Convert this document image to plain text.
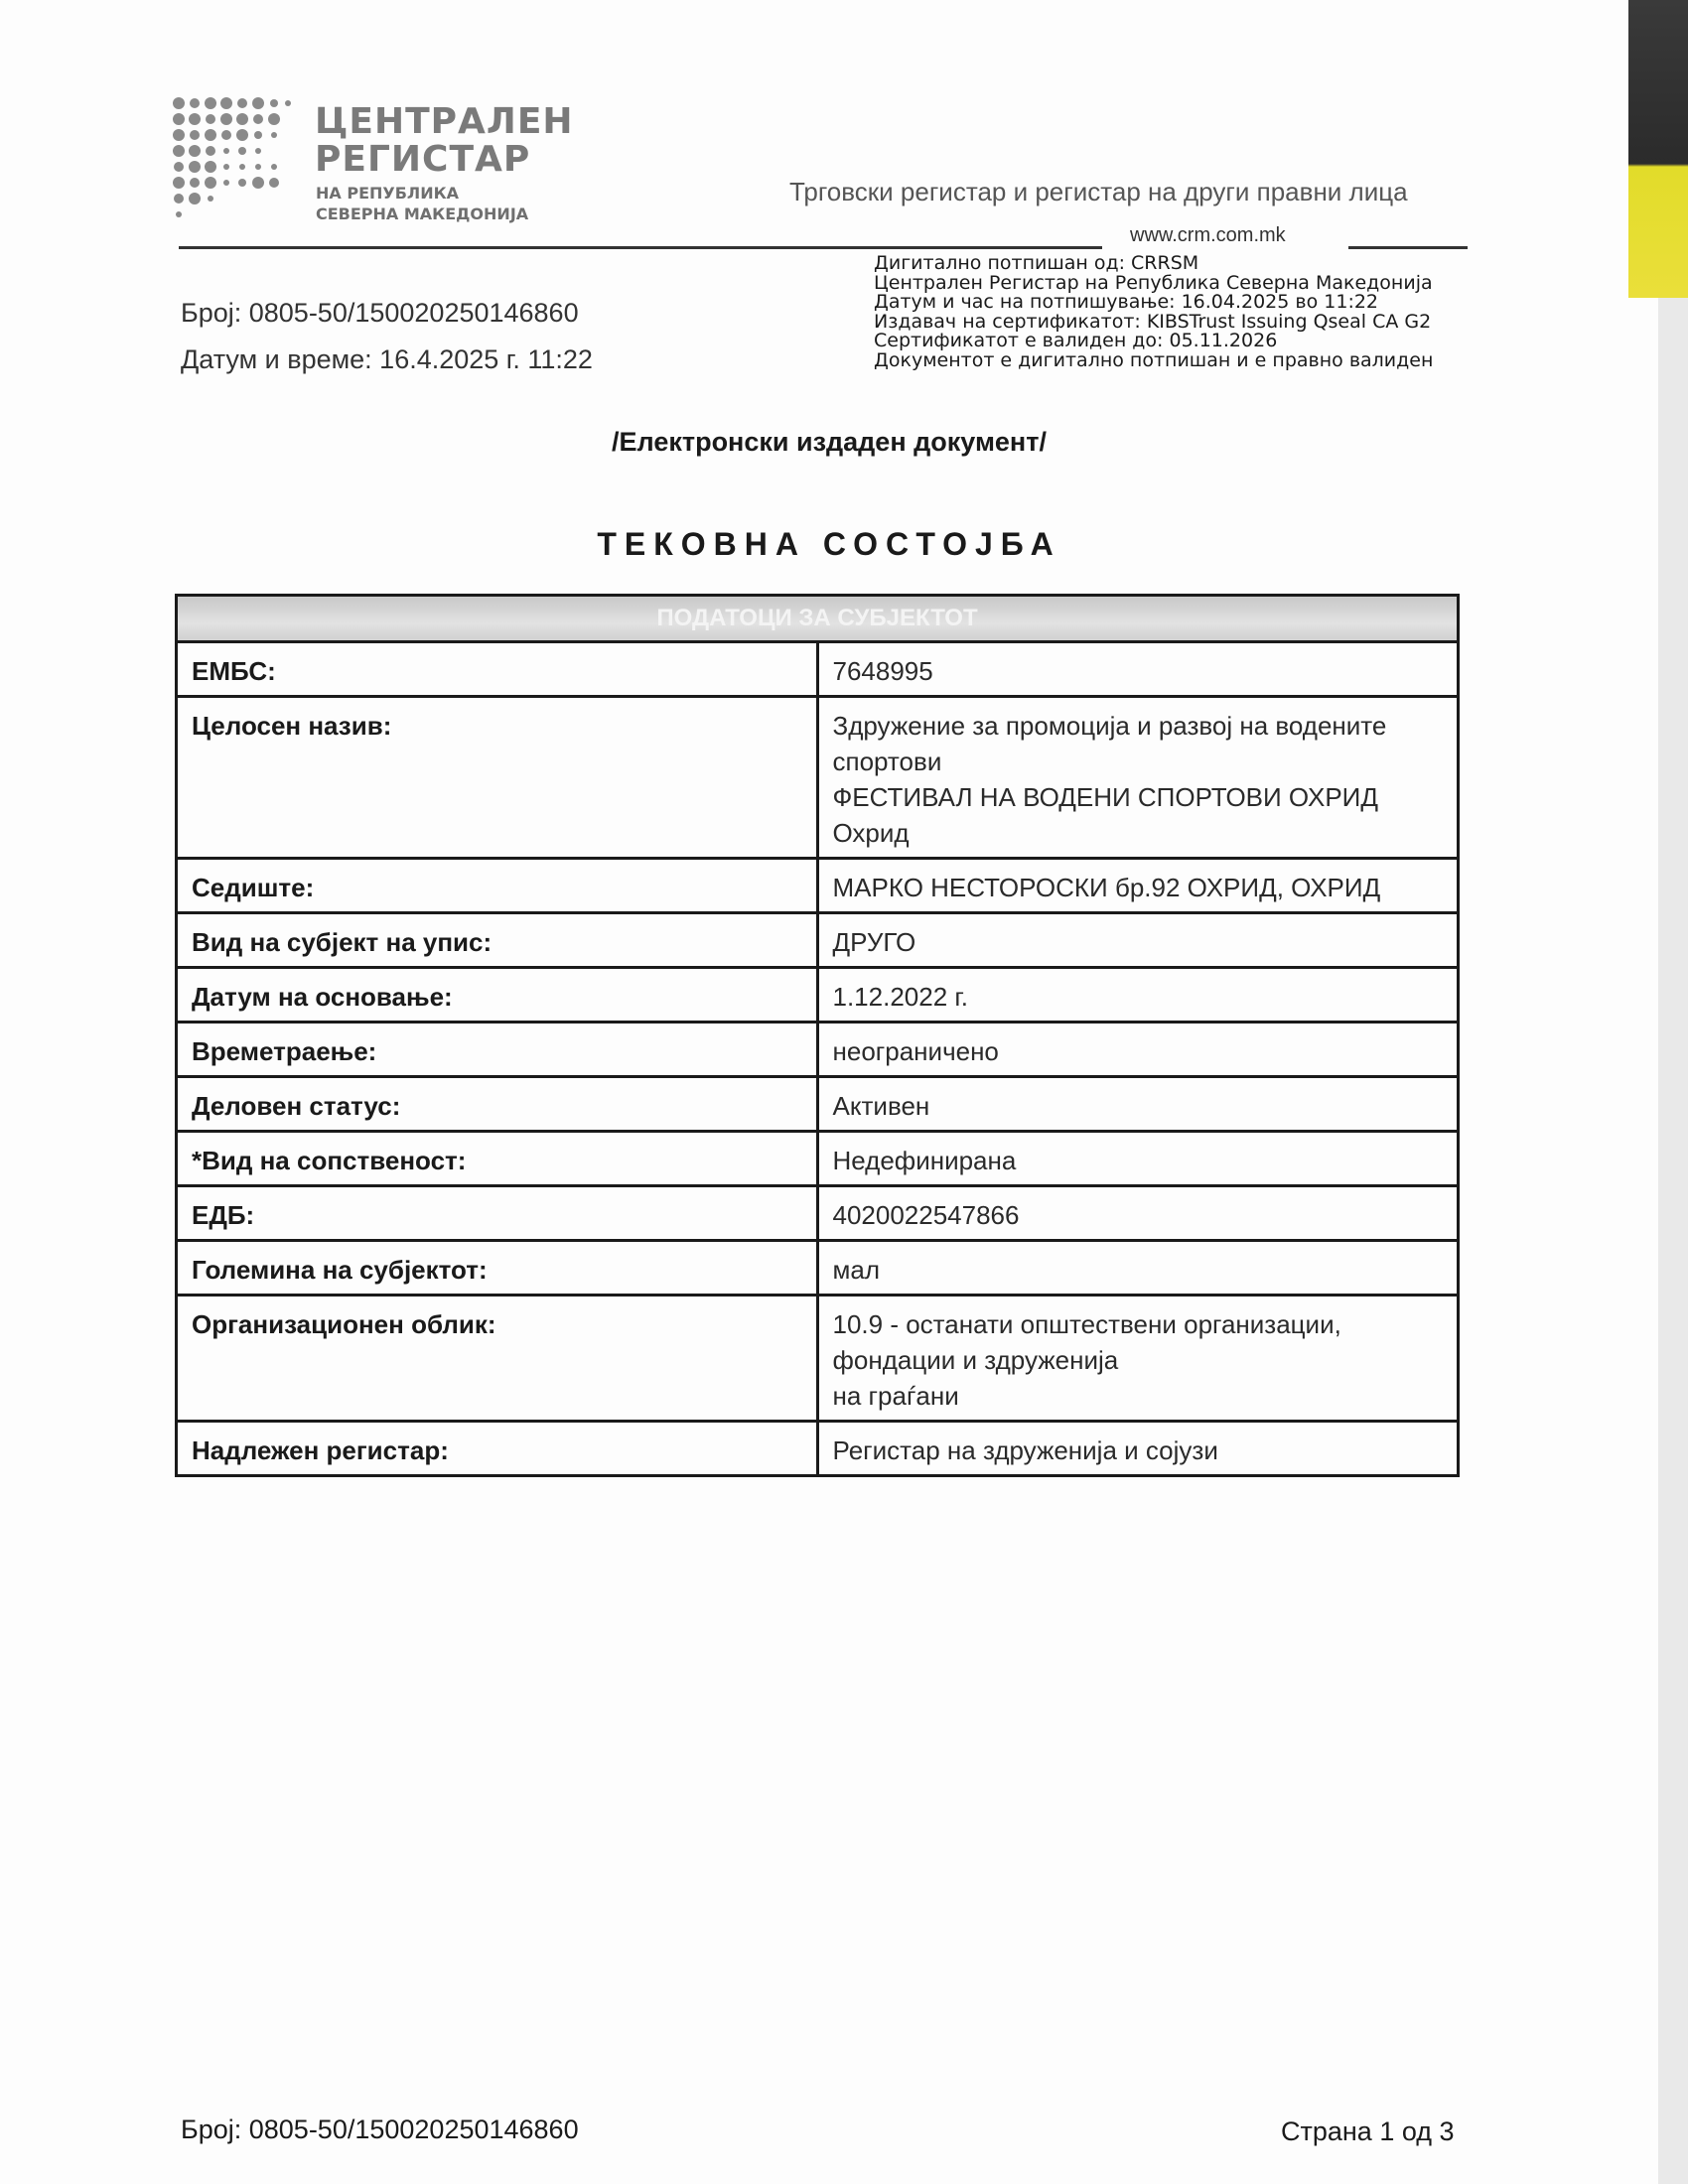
ЦЕНТРАЛЕН
РЕГИСТАР
НА РЕПУБЛИКА
СЕВЕРНА МАКЕДОНИЈА
Трговски регистар и регистар на други правни лица
www.crm.com.mk
Број: 0805-50/150020250146860
Датум и време: 16.4.2025 г. 11:22
Дигитално потпишан од: CRRSM
Централен Регистар на Република Северна Македонија
Датум и час на потпишување: 16.04.2025 во 11:22
Издавач на сертификатот: KIBSTrust Issuing Qseal CA G2
Сертификатот е валиден до: 05.11.2026
Документот е дигитално потпишан и е правно валиден
/Електронски издаден документ/
ТЕКОВНА СОСТОЈБА
ПОДАТОЦИ ЗА СУБЈЕКТОТ	
ЕМБС:	7648995

Целосен назив:	Здружение за промоција и развој на водените спортови
ФЕСТИВАЛ НА ВОДЕНИ СПОРТОВИ ОХРИД Охрид

Седиште:	МАРКО НЕСТОРОСКИ бр.92 ОХРИД, ОХРИД

Вид на субјект на упис:	ДРУГО

Датум на основање:	1.12.2022 г.

Времетраење:	неограничено

Деловен статус:	Активен

*Вид на сопственост:	Недефинирана

ЕДБ:	4020022547866

Големина на субјектот:	мал

Организационен облик:	10.9 - останати општествени организации, фондации и здруженија
на граѓани

Надлежен регистар:	Регистар на здруженија и сојузи
Број: 0805-50/150020250146860	Страна 1 од 3
